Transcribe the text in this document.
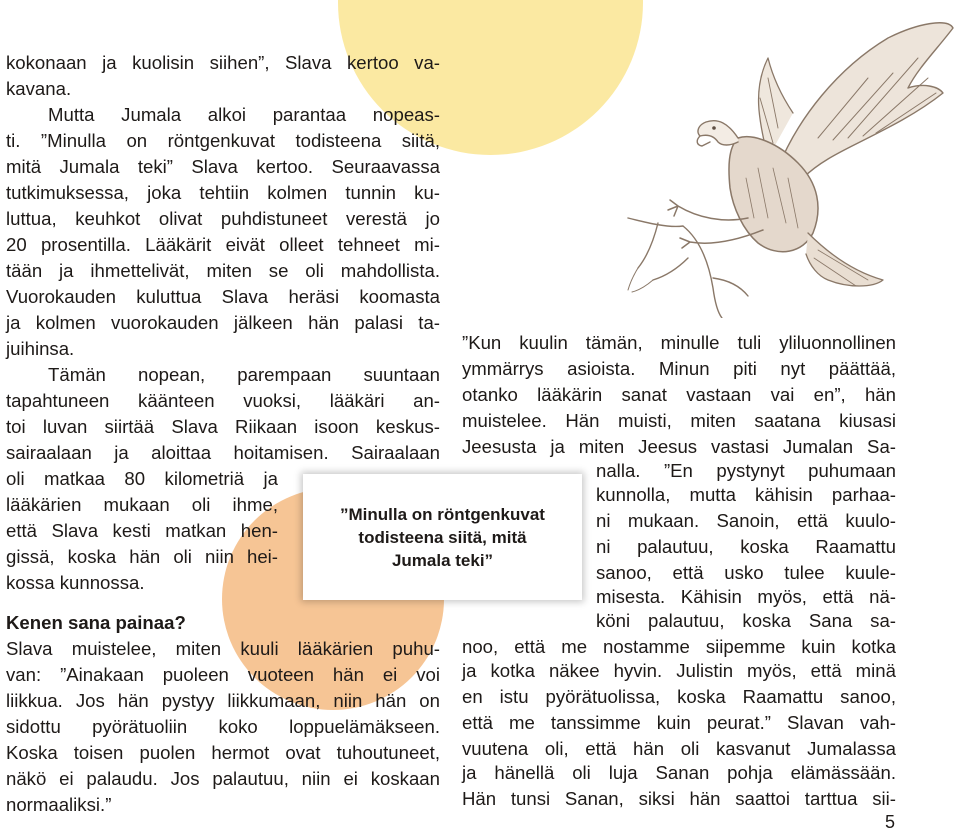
kokonaan ja kuolisin siihen”, Slava kertoo va-
kavana.
Mutta Jumala alkoi parantaa nopeas-
ti. ”Minulla on röntgenkuvat todisteena siitä,
mitä Jumala teki” Slava kertoo. Seuraavassa
tutkimuksessa, joka tehtiin kolmen tunnin ku-
luttua, keuhkot olivat puhdistuneet verestä jo
20 prosentilla. Lääkärit eivät olleet tehneet mi-
tään ja ihmettelivät, miten se oli mahdollista.
Vuorokauden kuluttua Slava heräsi koomasta
ja kolmen vuorokauden jälkeen hän palasi ta-
juihinsa.
Tämän nopean, parempaan suuntaan
tapahtuneen käänteen vuoksi, lääkäri an-
toi luvan siirtää Slava Riikaan isoon keskus-
sairaalaan ja aloittaa hoitamisen. Sairaalaan
oli matkaa 80 kilometriä ja
lääkärien mukaan oli ihme,
että Slava kesti matkan hen-
gissä, koska hän oli niin hei-
kossa kunnossa.
Kenen sana painaa?
Slava muistelee, miten kuuli lääkärien puhu-
van: ”Ainakaan puoleen vuoteen hän ei voi
liikkua. Jos hän pystyy liikkumaan, niin hän on
sidottu pyörätuoliin koko loppuelämäkseen.
Koska toisen puolen hermot ovat tuhoutuneet,
näkö ei palaudu. Jos palautuu, niin ei koskaan
normaaliksi.”
”Kun kuulin tämän, minulle tuli yliluonnollinen
ymmärrys asioista. Minun piti nyt päättää,
otanko lääkärin sanat vastaan vai en”, hän
muistelee. Hän muisti, miten saatana kiusasi
Jeesusta ja miten Jeesus vastasi Jumalan Sa-
nalla. ”En pystynyt puhumaan
kunnolla, mutta kähisin parhaa-
ni mukaan. Sanoin, että kuulo-
ni palautuu, koska Raamattu
sanoo, että usko tulee kuule-
misesta. Kähisin myös, että nä-
köni palautuu, koska Sana sa-
noo, että me nostamme siipemme kuin kotka
ja kotka näkee hyvin. Julistin myös, että minä
en istu pyörätuolissa, koska Raamattu sanoo,
että me tanssimme kuin peurat.” Slavan vah-
vuutena oli, että hän oli kasvanut Jumalassa
ja hänellä oli luja Sanan pohja elämässään.
Hän tunsi Sanan, siksi hän saattoi tarttua sii-
”Minulla on röntgenkuvat
todisteena siitä, mitä
Jumala teki”
5
